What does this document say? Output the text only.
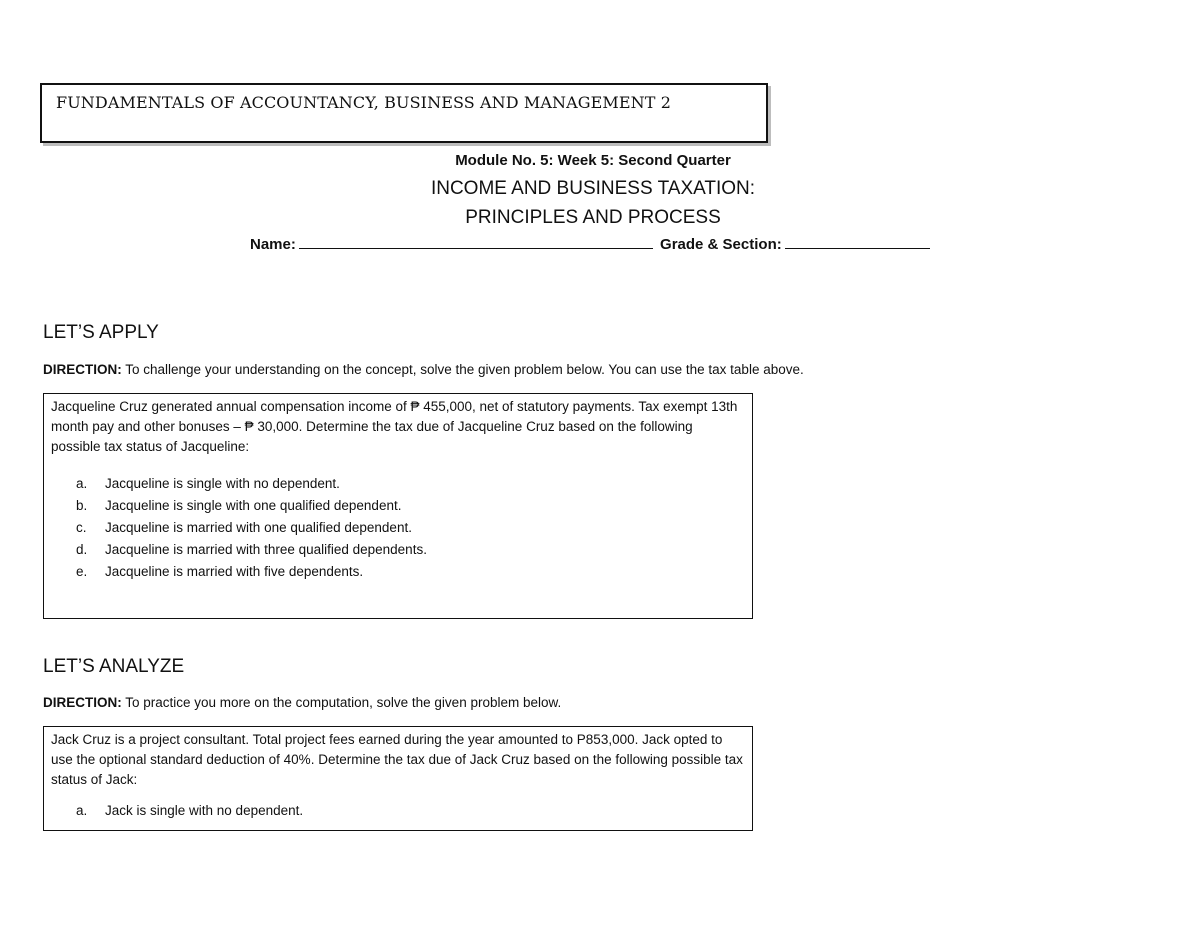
FUNDAMENTALS OF ACCOUNTANCY, BUSINESS AND MANAGEMENT 2
Module No. 5: Week 5: Second Quarter
INCOME AND BUSINESS TAXATION:
PRINCIPLES AND PROCESS
Name:	Grade & Section:
LET’S APPLY
DIRECTION: To challenge your understanding on the concept, solve the given problem below. You can use the tax table above.

Jacqueline Cruz generated annual compensation income of ₱ 455,000, net of statutory payments. Tax exempt 13th month pay and other bonuses – ₱ 30,000. Determine the tax due of Jacqueline Cruz based on the following possible tax status of Jacqueline:

a.	Jacqueline is single with no dependent.
b.	Jacqueline is single with one qualified dependent.
c.	Jacqueline is married with one qualified dependent.
d.	Jacqueline is married with three qualified dependents.
e.	Jacqueline is married with five dependents.
LET’S ANALYZE
DIRECTION: To practice you more on the computation, solve the given problem below.

Jack Cruz is a project consultant. Total project fees earned during the year amounted to P853,000. Jack opted to use the optional standard deduction of 40%. Determine the tax due of Jack Cruz based on the following possible tax status of Jack:

a.	Jack is single with no dependent.
